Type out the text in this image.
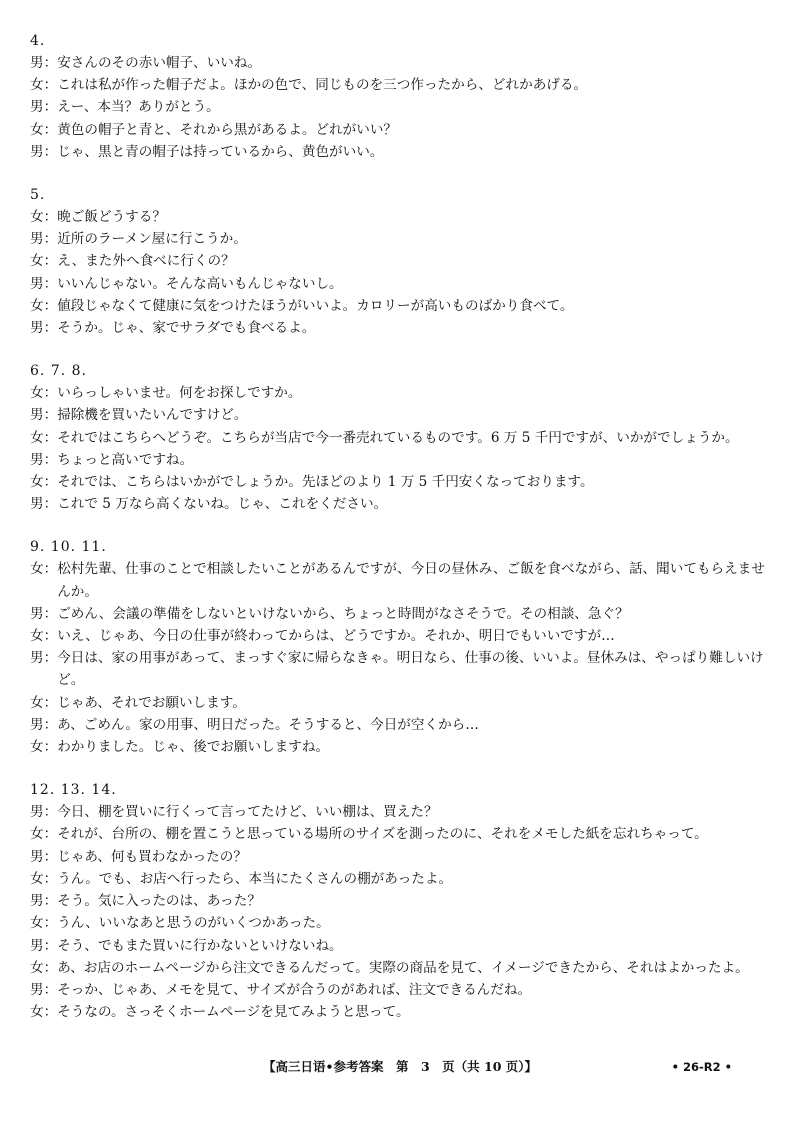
4.
男： 安さんのその赤い帽子、いいね。
女： これは私が作った帽子だよ。ほかの色で、同じものを三つ作ったから、どれかあげる。
男： えー、本当？ありがとう。
女： 黄色の帽子と青と、それから黒があるよ。どれがいい？
男： じゃ、黒と青の帽子は持っているから、黄色がいい。
5.
女： 晩ご飯どうする？
男： 近所のラーメン屋に行こうか。
女： え、また外へ食べに行くの？
男： いいんじゃない。そんな高いもんじゃないし。
女： 値段じゃなくて健康に気をつけたほうがいいよ。カロリーが高いものばかり食べて。
男： そうか。じゃ、家でサラダでも食べるよ。
6. 7. 8.
女： いらっしゃいませ。何をお探しですか。
男： 掃除機を買いたいんですけど。
女： それではこちらへどうぞ。こちらが当店で今一番売れているものです。6 万 5 千円ですが、いかがでしょうか。
男： ちょっと高いですね。
女： それでは、こちらはいかがでしょうか。先ほどのより 1 万 5 千円安くなっております。
男： これで 5 万なら高くないね。じゃ、これをください。
9. 10. 11.
女： 松村先輩、仕事のことで相談したいことがあるんですが、今日の昼休み、ご飯を食べながら、話、聞いてもらえませんか。
男： ごめん、会議の準備をしないといけないから、ちょっと時間がなさそうで。その相談、急ぐ？
女： いえ、じゃあ、今日の仕事が終わってからは、どうですか。それか、明日でもいいですが…
男： 今日は、家の用事があって、まっすぐ家に帰らなきゃ。明日なら、仕事の後、いいよ。昼休みは、やっぱり難しいけど。
女： じゃあ、それでお願いします。
男： あ、ごめん。家の用事、明日だった。そうすると、今日が空くから…
女： わかりました。じゃ、後でお願いしますね。
12. 13. 14.
男： 今日、棚を買いに行くって言ってたけど、いい棚は、買えた？
女： それが、台所の、棚を置こうと思っている場所のサイズを測ったのに、それをメモした紙を忘れちゃって。
男： じゃあ、何も買わなかったの？
女： うん。でも、お店へ行ったら、本当にたくさんの棚があったよ。
男： そう。気に入ったのは、あった？
女： うん、いいなあと思うのがいくつかあった。
男： そう、でもまた買いに行かないといけないね。
女： あ、お店のホームページから注文できるんだって。実際の商品を見て、イメージできたから、それはよかったよ。
男： そっか、じゃあ、メモを見て、サイズが合うのがあれば、注文できるんだね。
女： そうなの。さっそくホームページを見てみようと思って。
【高三日语•参考答案　第　3　页（共 10 页）】	• 26-R2 •
